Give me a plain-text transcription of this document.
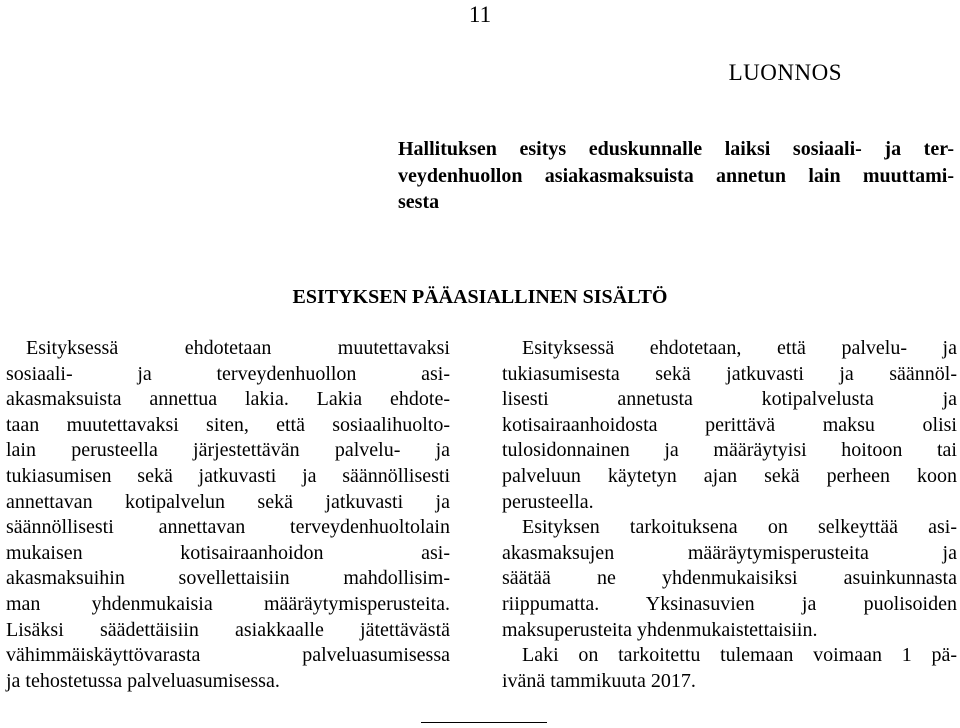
11
LUONNOS
Hallituksen esitys eduskunnalle laiksi sosiaali- ja ter-
veydenhuollon asiakasmaksuista annetun lain muuttami-
sesta
ESITYKSEN PÄÄASIALLINEN SISÄLTÖ

Esityksessä ehdotetaan muutettavaksi
sosiaali- ja terveydenhuollon asi-
akasmaksuista annettua lakia. Lakia ehdote-
taan muutettavaksi siten, että sosiaalihuolto-
lain perusteella järjestettävän palvelu- ja
tukiasumisen sekä jatkuvasti ja säännöllisesti
annettavan kotipalvelun sekä jatkuvasti ja
säännöllisesti annettavan terveydenhuoltolain
mukaisen kotisairaanhoidon asi-
akasmaksuihin sovellettaisiin mahdollisim-
man yhdenmukaisia määräytymisperusteita.
Lisäksi säädettäisiin asiakkaalle jätettävästä
vähimmäiskäyttövarasta palveluasumisessa
ja tehostetussa palveluasumisessa.

Esityksessä ehdotetaan, että palvelu- ja
tukiasumisesta sekä jatkuvasti ja säännöl-
lisesti annetusta kotipalvelusta ja
kotisairaanhoidosta perittävä maksu olisi
tulosidonnainen ja määräytyisi hoitoon tai
palveluun käytetyn ajan sekä perheen koon
perusteella.

Esityksen tarkoituksena on selkeyttää asi-
akasmaksujen määräytymisperusteita ja
säätää ne yhdenmukaisiksi asuinkunnasta
riippumatta. Yksinasuvien ja puolisoiden
maksuperusteita yhdenmukaistettaisiin.

Laki on tarkoitettu tulemaan voimaan 1 pä-
ivänä tammikuuta 2017.
